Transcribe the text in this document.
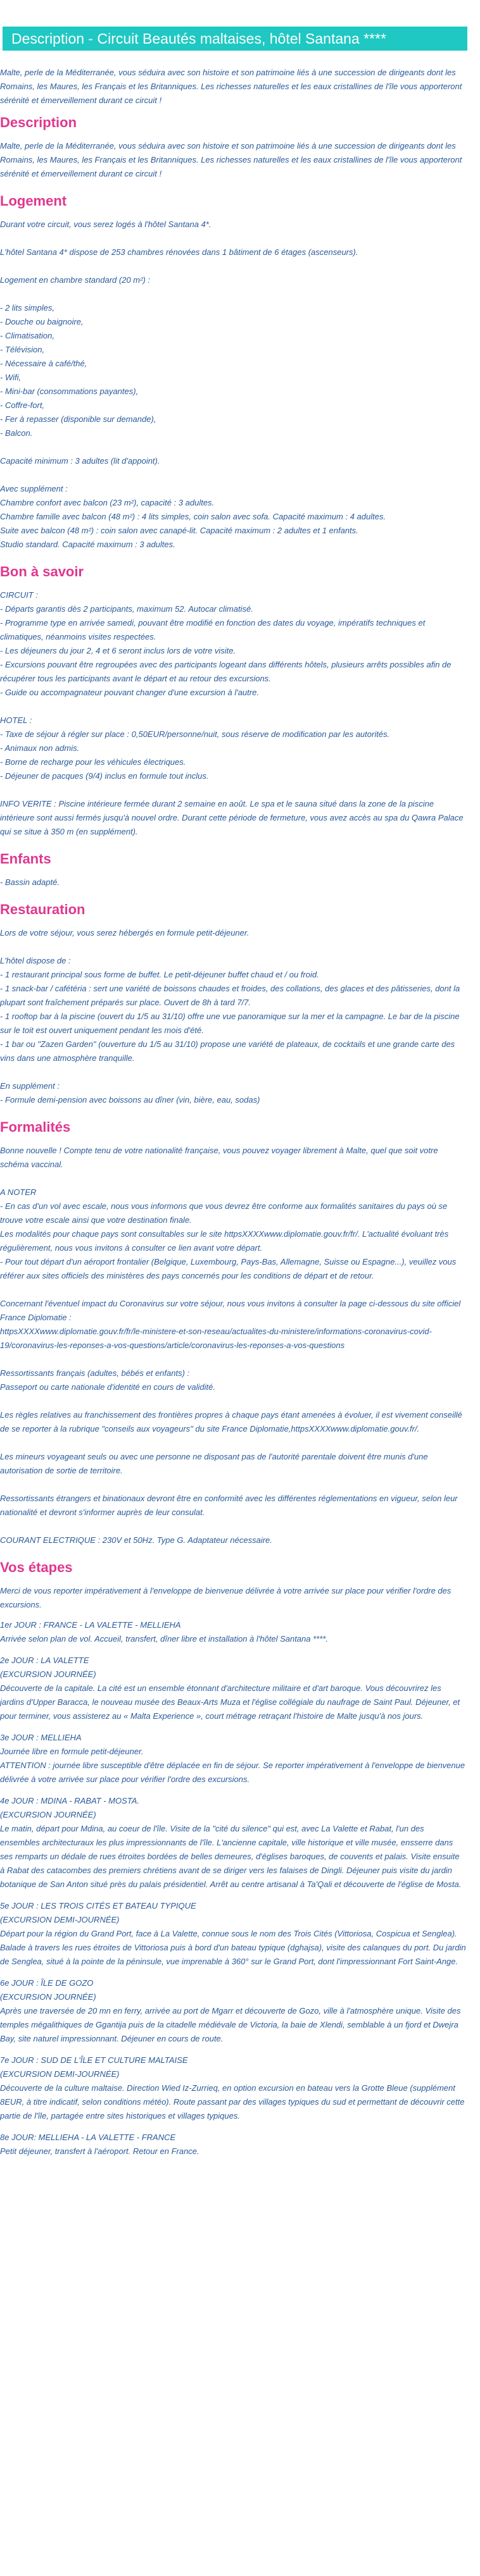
Description - Circuit Beautés maltaises, hôtel Santana ****

Malte, perle de la Méditerranée, vous séduira avec son histoire et son patrimoine liés à une succession de dirigeants dont les Romains, les Maures, les Français et les Britanniques. Les richesses naturelles et les eaux cristallines de l'île vous apporteront sérénité et émerveillement durant ce circuit !

Description

Malte, perle de la Méditerranée, vous séduira avec son histoire et son patrimoine liés à une succession de dirigeants dont les Romains, les Maures, les Français et les Britanniques. Les richesses naturelles et les eaux cristallines de l'île vous apporteront sérénité et émerveillement durant ce circuit !

Logement

Durant votre circuit, vous serez logés à l'hôtel Santana 4*.

L'hôtel Santana 4* dispose de 253 chambres rénovées dans 1 bâtiment de 6 étages (ascenseurs).

Logement en chambre standard (20 m²) :

- 2 lits simples,
- Douche ou baignoire,
- Climatisation,
- Télévision,
- Nécessaire à café/thé,
- Wifi,
- Mini-bar (consommations payantes),
- Coffre-fort,
- Fer à repasser (disponible sur demande),
- Balcon.

Capacité minimum : 3 adultes (lit d'appoint).

Avec supplément :
Chambre confort avec balcon (23 m²), capacité : 3 adultes.
Chambre famille avec balcon (48 m²) : 4 lits simples, coin salon avec sofa. Capacité maximum : 4 adultes.
Suite avec balcon (48 m²) : coin salon avec canapé-lit. Capacité maximum : 2 adultes et 1 enfants.
Studio standard. Capacité maximum : 3 adultes.

Bon à savoir

CIRCUIT :
- Départs garantis dès 2 participants, maximum 52. Autocar climatisé.
- Programme type en arrivée samedi, pouvant être modifié en fonction des dates du voyage, impératifs techniques et climatiques, néanmoins visites respectées.
- Les déjeuners du jour 2, 4 et 6 seront inclus lors de votre visite.
- Excursions pouvant être regroupées avec des participants logeant dans différents hôtels, plusieurs arrêts possibles afin de récupérer tous les participants avant le départ et au retour des excursions.
- Guide ou accompagnateur pouvant changer d'une excursion à l'autre.

HOTEL :
- Taxe de séjour à régler sur place : 0,50EUR/personne/nuit, sous réserve de modification par les autorités.
- Animaux non admis.
- Borne de recharge pour les véhicules électriques.
- Déjeuner de pacques (9/4) inclus en formule tout inclus.

INFO VERITE : Piscine intérieure fermée durant 2 semaine en août. Le spa et le sauna situé dans la zone de la piscine intérieure sont aussi fermés jusqu'à nouvel ordre. Durant cette période de fermeture, vous avez accès au spa du Qawra Palace qui se situe à 350 m (en supplément).

Enfants

- Bassin adapté.

Restauration

Lors de votre séjour, vous serez hébergés en formule petit-déjeuner.

L'hôtel dispose de :
- 1 restaurant principal sous forme de buffet. Le petit-déjeuner buffet chaud et / ou froid.
- 1 snack-bar / cafétéria : sert une variété de boissons chaudes et froides, des collations, des glaces et des pâtisseries, dont la plupart sont fraîchement préparés sur place. Ouvert de 8h à tard 7/7.
- 1 rooftop bar à la piscine (ouvert du 1/5 au 31/10) offre une vue panoramique sur la mer et la campagne. Le bar de la piscine sur le toit est ouvert uniquement pendant les mois d'été.
- 1 bar ou "Zazen Garden" (ouverture du 1/5 au 31/10) propose une variété de plateaux, de cocktails et une grande carte des vins dans une atmosphère tranquille.

En supplément :
- Formule demi-pension avec boissons au dîner (vin, bière, eau, sodas)

Formalités

Bonne nouvelle ! Compte tenu de votre nationalité française, vous pouvez voyager librement à Malte, quel que soit votre schéma vaccinal.

A NOTER
- En cas d'un vol avec escale, nous vous informons que vous devrez être conforme aux formalités sanitaires du pays où se trouve votre escale ainsi que votre destination finale.
Les modalités pour chaque pays sont consultables sur le site httpsXXXXwww.diplomatie.gouv.fr/fr/. L'actualité évoluant très régulièrement, nous vous invitons à consulter ce lien avant votre départ.
- Pour tout départ d'un aéroport frontalier (Belgique, Luxembourg, Pays-Bas, Allemagne, Suisse ou Espagne...), veuillez vous référer aux sites officiels des ministères des pays concernés pour les conditions de départ et de retour.

Concernant l'éventuel impact du Coronavirus sur votre séjour, nous vous invitons à consulter la page ci-dessous du site officiel France Diplomatie :
httpsXXXXwww.diplomatie.gouv.fr/fr/le-ministere-et-son-reseau/actualites-du-ministere/informations-coronavirus-covid-19/coronavirus-les-reponses-a-vos-questions/article/coronavirus-les-reponses-a-vos-questions

Ressortissants français (adultes, bébés et enfants) :
Passeport ou carte nationale d'identité en cours de validité.

Les règles relatives au franchissement des frontières propres à chaque pays étant amenées à évoluer, il est vivement conseillé de se reporter à la rubrique "conseils aux voyageurs" du site France Diplomatie,httpsXXXXwww.diplomatie.gouv.fr/.

Les mineurs voyageant seuls ou avec une personne ne disposant pas de l'autorité parentale doivent être munis d'une autorisation de sortie de territoire.

Ressortissants étrangers et binationaux devront être en conformité avec les différentes réglementations en vigueur, selon leur nationalité et devront s'informer auprès de leur consulat.

COURANT ELECTRIQUE : 230V et 50Hz. Type G. Adaptateur nécessaire.

Vos étapes

Merci de vous reporter impérativement à l'enveloppe de bienvenue délivrée à votre arrivée sur place pour vérifier l'ordre des excursions.

1er JOUR : FRANCE - LA VALETTE - MELLIEHA
Arrivée selon plan de vol. Accueil, transfert, dîner libre et installation à l'hôtel Santana ****.
2e JOUR : LA VALETTE
(EXCURSION JOURNÉE)
Découverte de la capitale. La cité est un ensemble étonnant d'architecture militaire et d'art baroque. Vous découvrirez les jardins d'Upper Baracca, le nouveau musée des Beaux-Arts Muza et l'église collégiale du naufrage de Saint Paul. Déjeuner, et pour terminer, vous assisterez au « Malta Experience », court métrage retraçant l'histoire de Malte jusqu'à nos jours.
3e JOUR : MELLIEHA
Journée libre en formule petit-déjeuner.
ATTENTION : journée libre susceptible d'être déplacée en fin de séjour. Se reporter impérativement à l'enveloppe de bienvenue délivrée à votre arrivée sur place pour vérifier l'ordre des excursions.
4e JOUR : MDINA - RABAT - MOSTA.
(EXCURSION JOURNÉE)
Le matin, départ pour Mdina, au coeur de l'île. Visite de la "cité du silence" qui est, avec La Valette et Rabat, l'un des ensembles architecturaux les plus impressionnants de l'île. L'ancienne capitale, ville historique et ville musée, ensserre dans ses remparts un dédale de rues étroites bordées de belles demeures, d'églises baroques, de couvents et palais. Visite ensuite à Rabat des catacombes des premiers chrétiens avant de se diriger vers les falaises de Dingli. Déjeuner puis visite du jardin botanique de San Anton situé près du palais présidentiel. Arrêt au centre artisanal à Ta'Qali et découverte de l'église de Mosta.
5e JOUR : LES TROIS CITÉS ET BATEAU TYPIQUE
(EXCURSION DEMI-JOURNÉE)
Départ pour la région du Grand Port, face à La Valette, connue sous le nom des Trois Cités (Vittoriosa, Cospicua et Senglea). Balade à travers les rues étroites de Vittoriosa puis à bord d'un bateau typique (dghajsa), visite des calanques du port. Du jardin de Senglea, situé à la pointe de la péninsule, vue imprenable à 360° sur le Grand Port, dont l'impressionnant Fort Saint-Ange.
6e JOUR : ÎLE DE GOZO
(EXCURSION JOURNÉE)
Après une traversée de 20 mn en ferry, arrivée au port de Mgarr et découverte de Gozo, ville à l'atmosphère unique. Visite des temples mégalithiques de Ggantija puis de la citadelle médiévale de Victoria, la baie de Xlendi, semblable à un fjord et Dwejra Bay, site naturel impressionnant. Déjeuner en cours de route.
7e JOUR : SUD DE L'ÎLE ET CULTURE MALTAISE
(EXCURSION DEMI-JOURNÉE)
Découverte de la culture maltaise. Direction Wied Iz-Zurrieq, en option excursion en bateau vers la Grotte Bleue (supplément 8EUR, à titre indicatif, selon conditions météo). Route passant par des villages typiques du sud et permettant de découvrir cette partie de l'île, partagée entre sites historiques et villages typiques.
8e JOUR: MELLIEHA - LA VALETTE - FRANCE
Petit déjeuner, transfert à l'aéroport. Retour en France.
